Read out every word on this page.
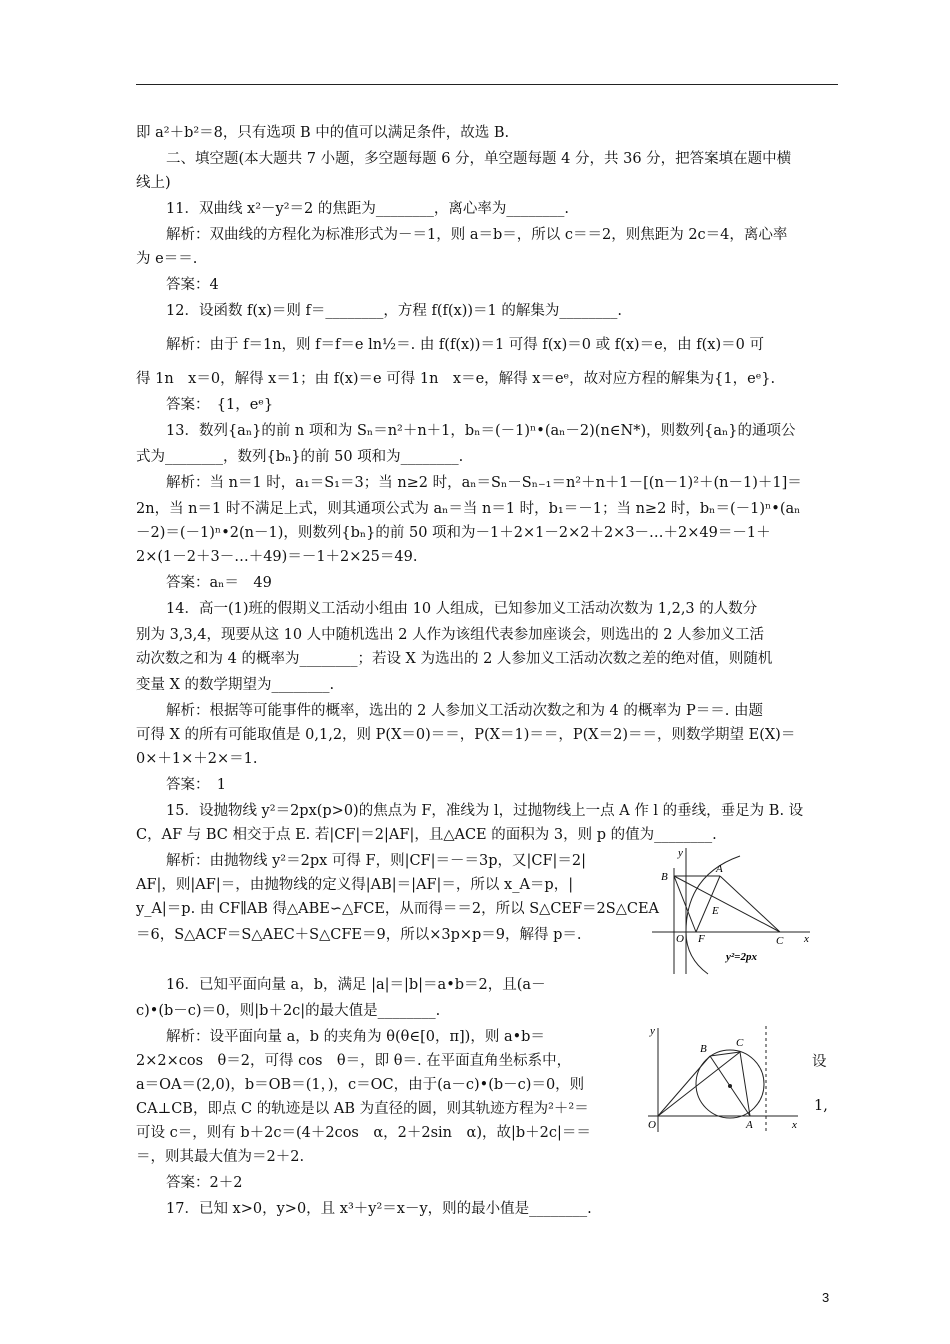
即 a²＋b²＝8，只有选项 B 中的值可以满足条件，故选 B.
二、填空题(本大题共 7 小题，多空题每题 6 分，单空题每题 4 分，共 36 分，把答案填在题中横
线上)
11．双曲线 x²－y²＝2 的焦距为________，离心率为________.
解析：双曲线的方程化为标准形式为－＝1，则 a＝b＝，所以 c＝＝2，则焦距为 2c＝4，离心率
为 e＝＝.
答案：4
12．设函数 f(x)＝则 f＝________，方程 f(f(x))＝1 的解集为________.
解析：由于 f＝1n，则 f＝f＝e ln½＝. 由 f(f(x))＝1 可得 f(x)＝0 或 f(x)＝e，由 f(x)＝0 可
得 1n　x＝0，解得 x＝1；由 f(x)＝e 可得 1n　x＝e，解得 x＝eᵉ，故对应方程的解集为{1，eᵉ}.
答案：　{1，eᵉ}
13．数列{aₙ}的前 n 项和为 Sₙ＝n²＋n＋1，bₙ＝(－1)ⁿ•(aₙ－2)(n∈N*)，则数列{aₙ}的通项公
式为________，数列{bₙ}的前 50 项和为________.
解析：当 n＝1 时，a₁＝S₁＝3；当 n≥2 时，aₙ＝Sₙ－Sₙ₋₁＝n²＋n＋1－[(n－1)²＋(n－1)＋1]＝
2n，当 n＝1 时不满足上式，则其通项公式为 aₙ＝当 n＝1 时，b₁＝－1；当 n≥2 时，bₙ＝(－1)ⁿ•(aₙ
－2)＝(－1)ⁿ•2(n－1)，则数列{bₙ}的前 50 项和为－1＋2×1－2×2＋2×3－…＋2×49＝－1＋
2×(1－2＋3－…＋49)＝－1＋2×25＝49.
答案：aₙ＝　49
14．高一(1)班的假期义工活动小组由 10 人组成，已知参加义工活动次数为 1,2,3 的人数分
别为 3,3,4，现要从这 10 人中随机选出 2 人作为该组代表参加座谈会，则选出的 2 人参加义工活
动次数之和为 4 的概率为________；若设 X 为选出的 2 人参加义工活动次数之差的绝对值，则随机
变量 X 的数学期望为________.
解析：根据等可能事件的概率，选出的 2 人参加义工活动次数之和为 4 的概率为 P＝＝. 由题
可得 X 的所有可能取值是 0,1,2，则 P(X＝0)＝＝，P(X＝1)＝＝，P(X＝2)＝＝，则数学期望 E(X)＝
0×＋1×＋2×＝1.
答案：　1
15．设抛物线 y²＝2px(p>0)的焦点为 F，准线为 l，过抛物线上一点 A 作 l 的垂线，垂足为 B. 设
C，AF 与 BC 相交于点 E. 若|CF|＝2|AF|，且△ACE 的面积为 3，则 p 的值为________.
解析：由抛物线 y²＝2px 可得 F，则|CF|＝－＝3p，又|CF|＝2|
AF|，则|AF|＝，由抛物线的定义得|AB|＝|AF|＝，所以 x_A＝p，|
y_A|＝p. 由 CF∥AB 得△ABE∽△FCE，从而得＝＝2，所以 S△CEF＝2S△CEA
＝6，S△ACF＝S△AEC＋S△CFE＝9，所以×3p×p＝9，解得 p＝.
16．已知平面向量 a，b，满足 |a|＝|b|＝a•b＝2，且(a－
c)•(b－c)＝0，则|b＋2c|的最大值是________.
解析：设平面向量 a，b 的夹角为 θ(θ∈[0，π])，则 a•b＝
2×2×cos　θ＝2，可得 cos　θ＝，即 θ＝. 在平面直角坐标系中，
a＝OA＝(2,0)，b＝OB＝(1，)，c＝OC，由于(a－c)•(b－c)＝0，则
CA⊥CB，即点 C 的轨迹是以 AB 为直径的圆，则其轨迹方程为²＋²＝
可设 c＝，则有 b＋2c＝(4＋2cos　α，2＋2sin　α)，故|b＋2c|＝＝
＝，则其最大值为＝2＋2.
答案：2＋2
17．已知 x>0，y>0，且 x³＋y²＝x－y，则的最小值是________.
设
1,
y
O F	C x
B
A
E
y²=2px
y
O	A
B	C
x
3
